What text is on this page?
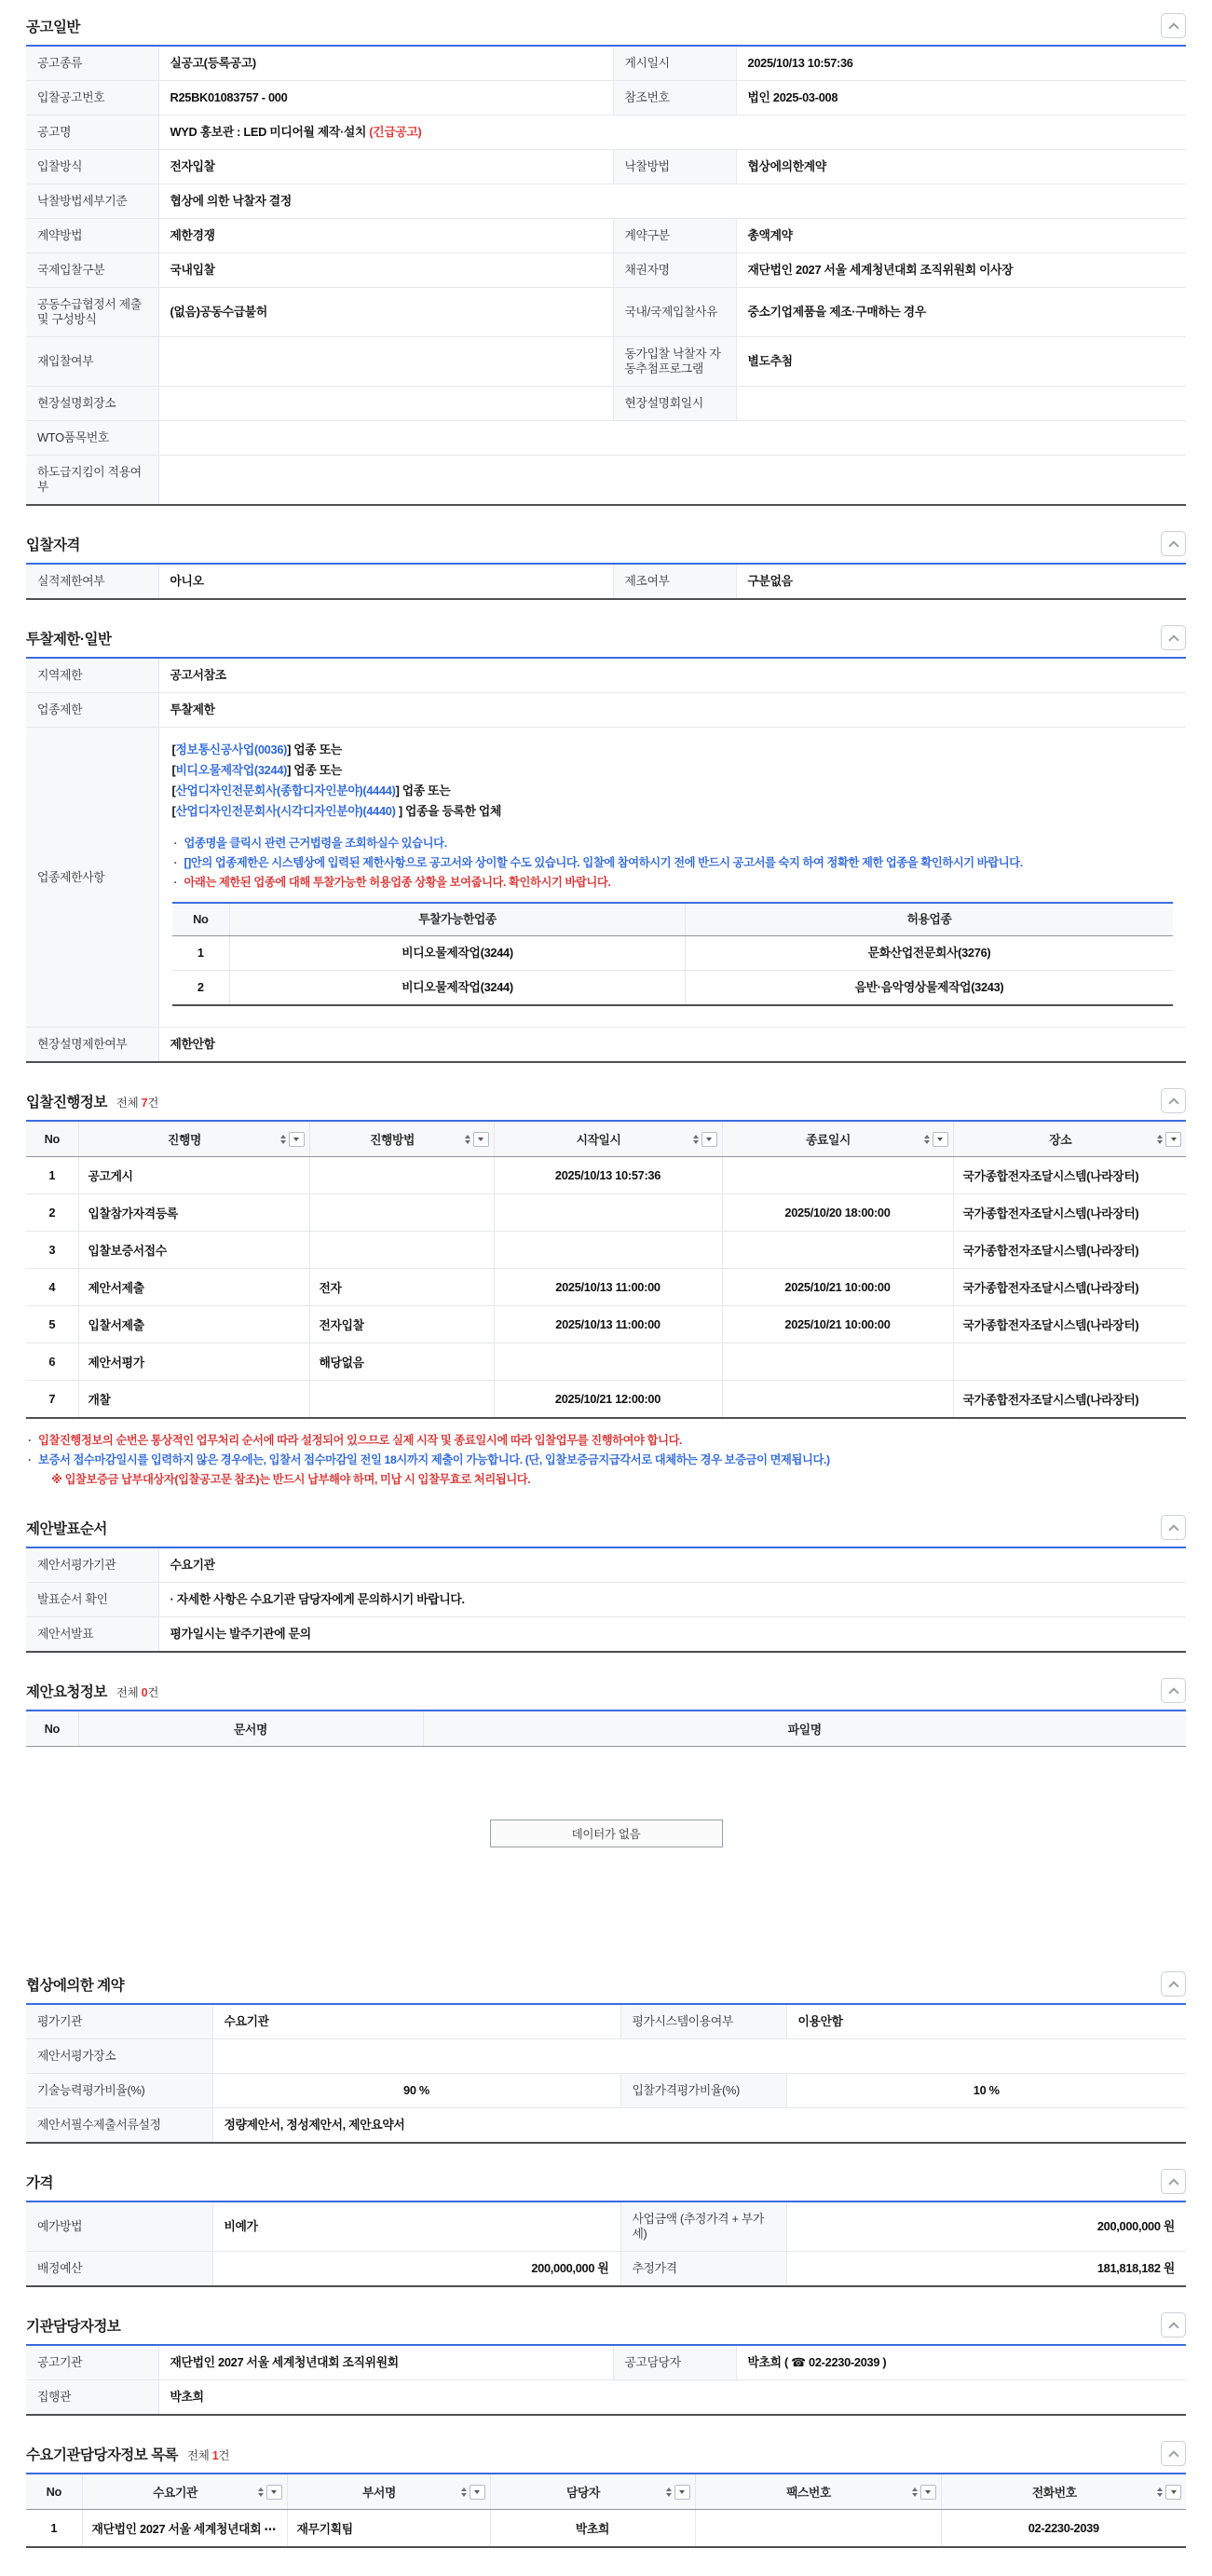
공고일반
공고종류	실공고(등록공고)	게시일시	2025/10/13 10:57:36
입찰공고번호	R25BK01083757 - 000	참조번호	법인 2025-03-008
공고명	WYD 홍보관 : LED 미디어월 제작·설치 (긴급공고)		
입찰방식	전자입찰	낙찰방법	협상에의한계약
낙찰방법세부기준	협상에 의한 낙찰자 결정		
계약방법	제한경쟁	계약구분	총액계약
국제입찰구분	국내입찰	채권자명	재단법인 2027 서울 세계청년대회 조직위원회 이사장
공동수급협정서 제출 및 구성방식	(없음)공동수급불허	국내/국제입찰사유	중소기업제품을 제조·구매하는 경우
재입찰여부		동가입찰 낙찰자 자동추첨프로그램	별도추첨
현장설명회장소		현장설명회일시	
WTO품목번호			
하도급지킴이 적용여부			
입찰자격
실적제한여부	아니오	제조여부	구분없음
투찰제한·일반
지역제한	공고서참조
업종제한	투찰제한
업종제한사항	
[정보통신공사업(0036)] 업종 또는
[비디오물제작업(3244)] 업종 또는
[산업디자인전문회사(종합디자인분야)(4444)] 업종 또는
[산업디자인전문회사(시각디자인분야)(4440) ] 업종을 등록한 업체
· 업종명을 클릭시 관련 근거법령을 조회하실수 있습니다.
· []안의 업종제한은 시스템상에 입력된 제한사항으로 공고서와 상이할 수도 있습니다. 입찰에 참여하시기 전에 반드시 공고서를 숙지 하여 정확한 제한 업종을 확인하시기 바랍니다.
· 아래는 제한된 업종에 대해 투찰가능한 허용업종 상황을 보여줍니다. 확인하시기 바랍니다.
No	투찰가능한업종	허용업종
1	비디오물제작업(3244)	문화산업전문회사(3276)
2	비디오물제작업(3244)	음반·음악영상물제작업(3243)

현장설명제한여부	제한안함
입찰진행정보 전체 7건
No	진행명	진행방법	시작일시	종료일시	장소

1	공고게시		2025/10/13 10:57:36		국가종합전자조달시스템(나라장터)
2	입찰참가자격등록			2025/10/20 18:00:00	국가종합전자조달시스템(나라장터)
3	입찰보증서접수				국가종합전자조달시스템(나라장터)
4	제안서제출	전자	2025/10/13 11:00:00	2025/10/21 10:00:00	국가종합전자조달시스템(나라장터)
5	입찰서제출	전자입찰	2025/10/13 11:00:00	2025/10/21 10:00:00	국가종합전자조달시스템(나라장터)
6	제안서평가	해당없음			
7	개찰		2025/10/21 12:00:00		국가종합전자조달시스템(나라장터)
· 입찰진행정보의 순번은 통상적인 업무처리 순서에 따라 설정되어 있으므로 실제 시작 및 종료일시에 따라 입찰업무를 진행하여야 합니다.
· 보증서 접수마감일시를 입력하지 않은 경우에는, 입찰서 접수마감일 전일 18시까지 제출이 가능합니다. (단, 입찰보증금지급각서로 대체하는 경우 보증금이 면제됩니다.)
※ 입찰보증금 납부대상자(입찰공고문 참조)는 반드시 납부해야 하며, 미납 시 입찰무효로 처리됩니다.
제안발표순서
제안서평가기관	수요기관
발표순서 확인	· 자세한 사항은 수요기관 담당자에게 문의하시기 바랍니다.
제안서발표	평가일시는 발주기관에 문의
제안요청정보 전체 0건
No	문서명	파일명
데이터가 없음
협상에의한 계약
평가기관	수요기관	평가시스템이용여부	이용안함
제안서평가장소			
기술능력평가비율(%)	90 %	입찰가격평가비율(%)	10 %
제안서필수제출서류설정	정량제안서, 정성제안서, 제안요약서		
가격
예가방법	비예가	사업금액 (추정가격 + 부가세)	200,000,000 원
배정예산	200,000,000 원	추정가격	181,818,182 원
기관담당자정보
공고기관	재단법인 2027 서울 세계청년대회 조직위원회	공고담당자	박초희 ( ☎ 02-2230-2039 )
집행관	박초희		
수요기관담당자정보 목록 전체 1건
No	수요기관	부서명	담당자	팩스번호	전화번호

1	재단법인 2027 서울 세계청년대회 ⋯	재무기획팀	박초희		02-2230-2039
